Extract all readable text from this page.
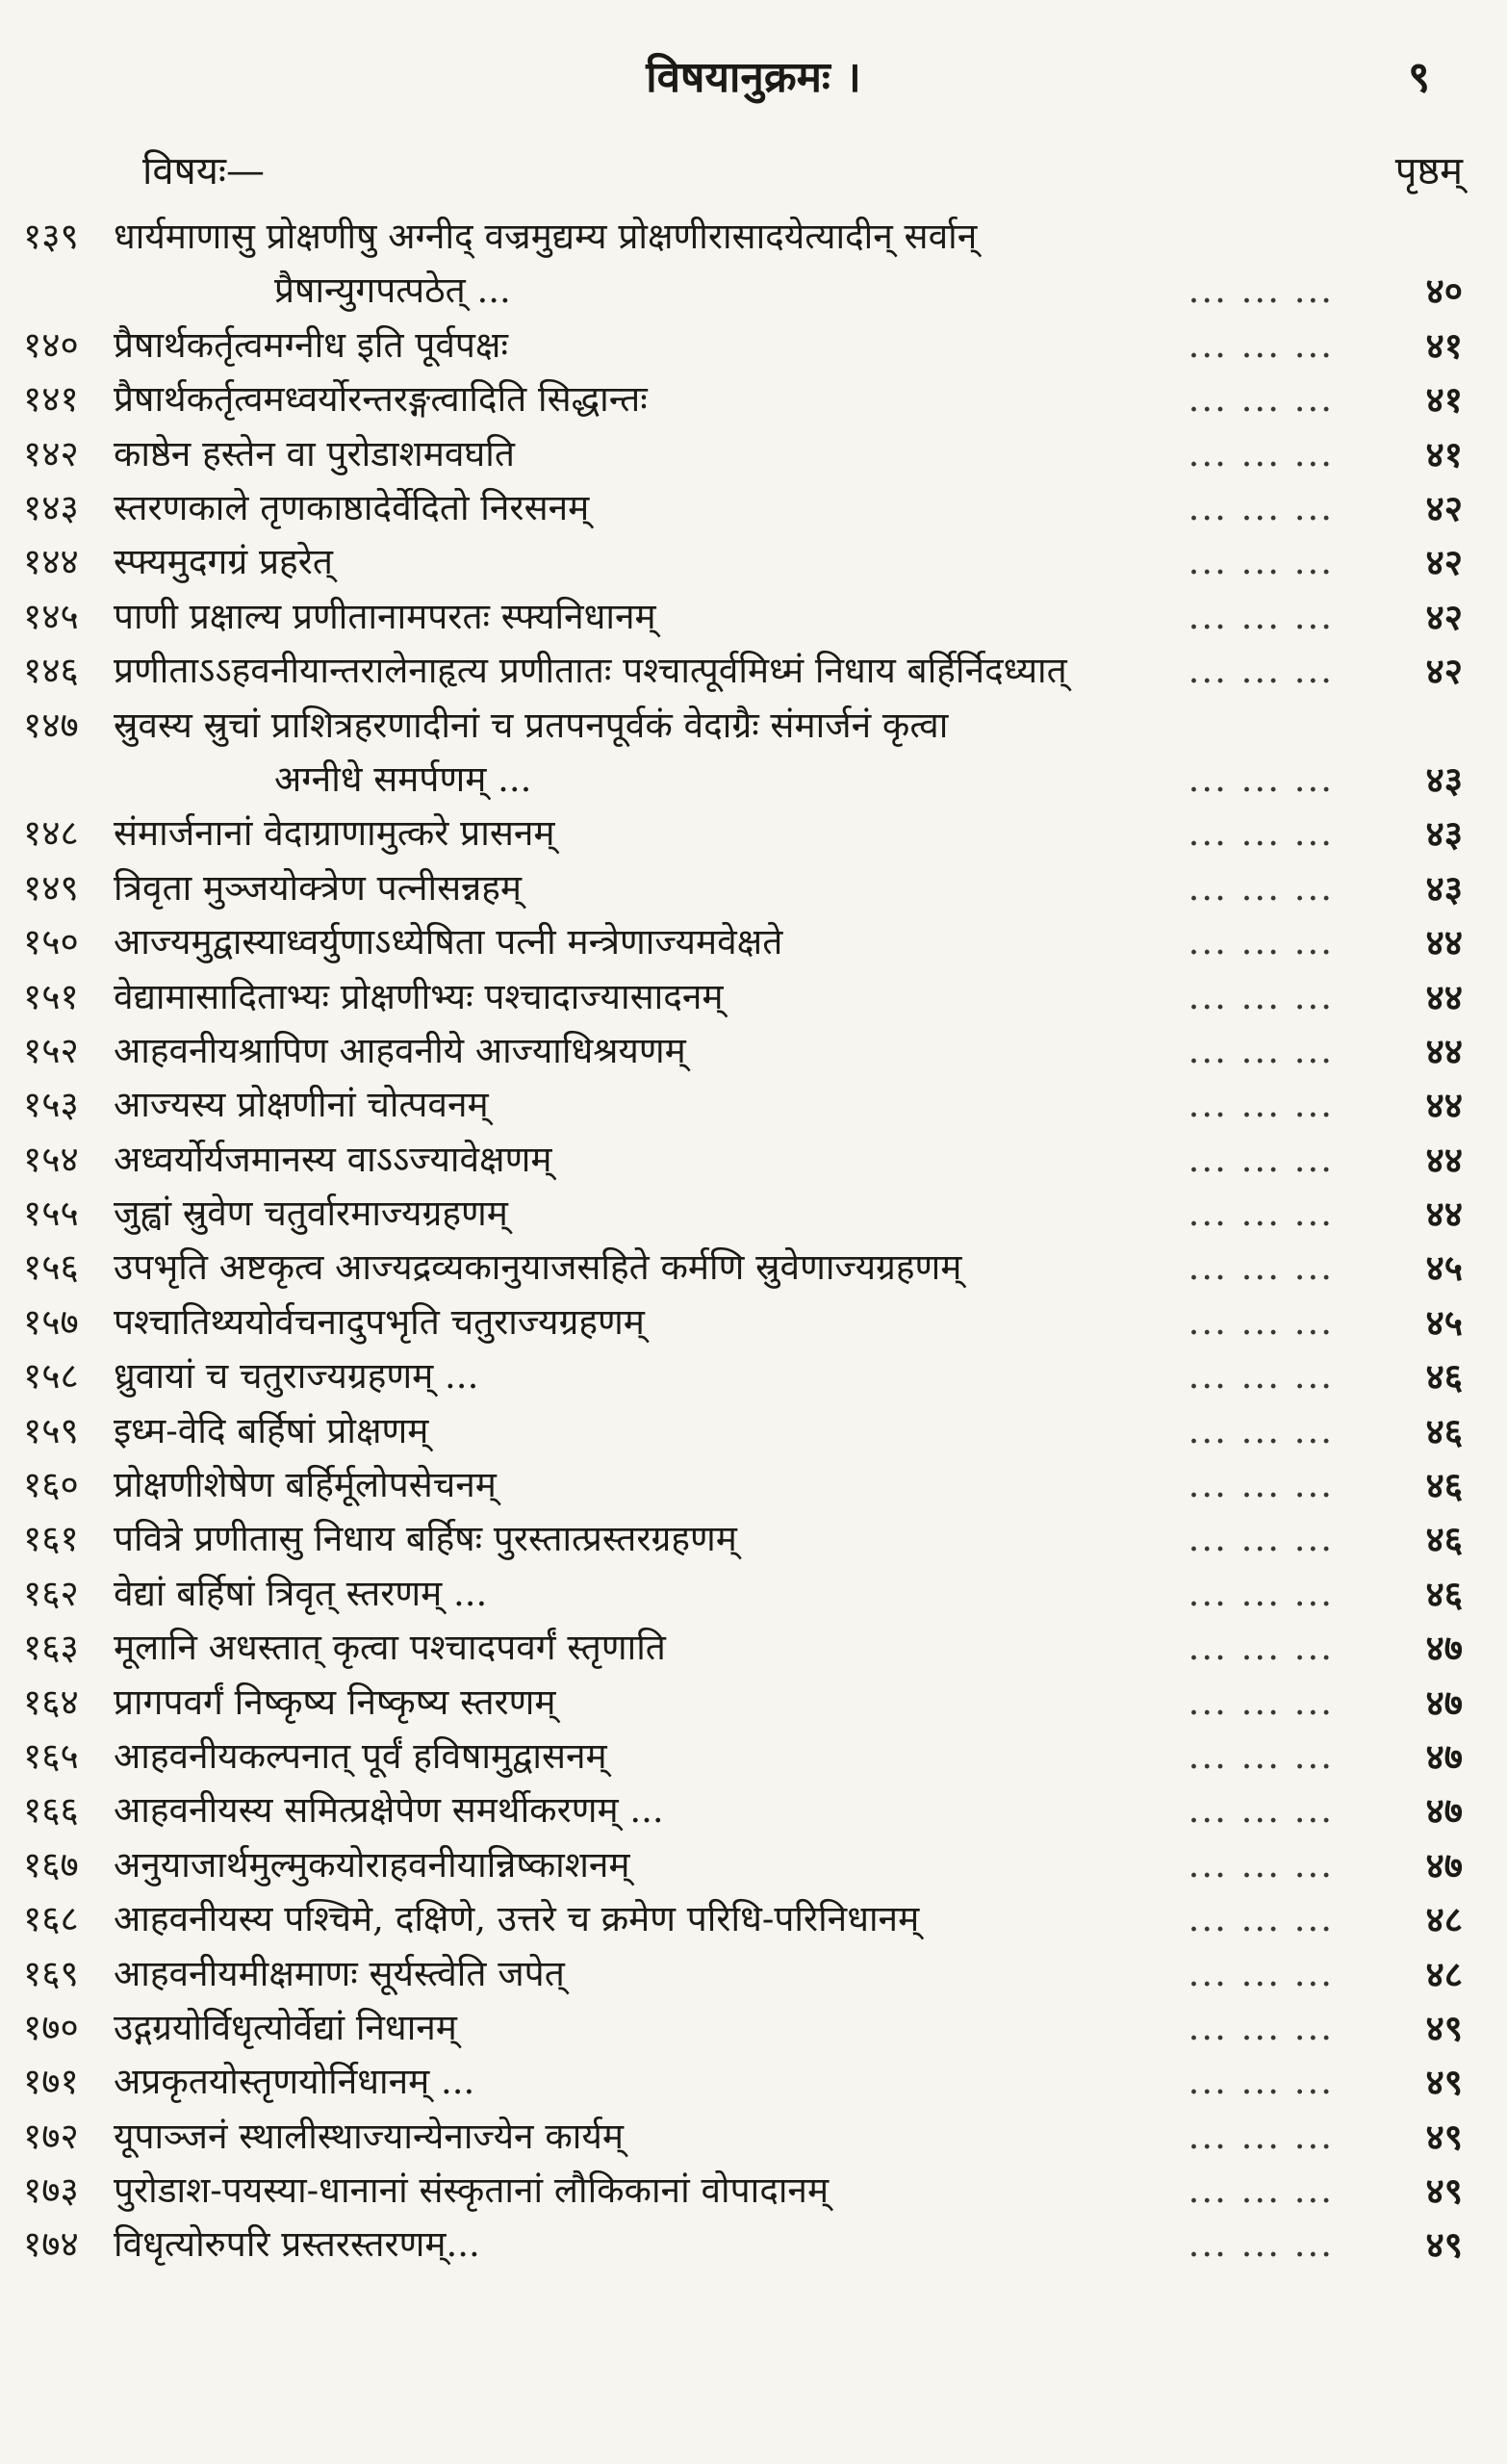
विषयानुक्रमः ।	९
विषयः—	पृष्ठम्
१३९ धार्यमाणासु प्रोक्षणीषु अग्नीद् वज्रमुद्यम्य प्रोक्षणीरासादयेत्यादीन् सर्वान्
प्रैषान्युगपत्पठेत् ...	... ... ...	४०
१४० प्रैषार्थकर्तृत्वमग्नीध इति पूर्वपक्षः	... ... ...	४१
१४१ प्रैषार्थकर्तृत्वमध्वर्योरन्तरङ्गत्वादिति सिद्धान्तः	... ... ...	४१
१४२ काष्ठेन हस्तेन वा पुरोडाशमवघति	... ... ...	४१
१४३ स्तरणकाले तृणकाष्ठादेर्वेदितो निरसनम्	... ... ...	४२
१४४ स्फ्यमुदगग्रं प्रहरेत्	... ... ...	४२
१४५ पाणी प्रक्षाल्य प्रणीतानामपरतः स्फ्यनिधानम्	... ... ...	४२
१४६ प्रणीताऽऽहवनीयान्तरालेनाहृत्य प्रणीतातः पश्चात्पूर्वमिध्मं निधाय बर्हिर्निदध्यात्	... ... ...	४२
१४७ स्रुवस्य स्रुचां प्राशित्रहरणादीनां च प्रतपनपूर्वकं वेदाग्रैः संमार्जनं कृत्वा
अग्नीधे समर्पणम् ...	... ... ...	४३
१४८ संमार्जनानां वेदाग्राणामुत्करे प्रासनम्	... ... ...	४३
१४९ त्रिवृता मुञ्जयोक्त्रेण पत्नीसन्नहम्	... ... ...	४३
१५० आज्यमुद्वास्याध्वर्युणाऽध्येषिता पत्नी मन्त्रेणाज्यमवेक्षते	... ... ...	४४
१५१ वेद्यामासादिताभ्यः प्रोक्षणीभ्यः पश्चादाज्यासादनम्	... ... ...	४४
१५२ आहवनीयश्रापिण आहवनीये आज्याधिश्रयणम्	... ... ...	४४
१५३ आज्यस्य प्रोक्षणीनां चोत्पवनम्	... ... ...	४४
१५४ अध्वर्योर्यजमानस्य वाऽऽज्यावेक्षणम्	... ... ...	४४
१५५ जुह्वां स्रुवेण चतुर्वारमाज्यग्रहणम्	... ... ...	४४
१५६ उपभृति अष्टकृत्व आज्यद्रव्यकानुयाजसहिते कर्मणि स्रुवेणाज्यग्रहणम्	... ... ...	४५
१५७ पश्चातिथ्ययोर्वचनादुपभृति चतुराज्यग्रहणम्	... ... ...	४५
१५८ ध्रुवायां च चतुराज्यग्रहणम् ...	... ... ...	४६
१५९ इध्म-वेदि बर्हिषां प्रोक्षणम्	... ... ...	४६
१६० प्रोक्षणीशेषेण बर्हिर्मूलोपसेचनम्	... ... ...	४६
१६१ पवित्रे प्रणीतासु निधाय बर्हिषः पुरस्तात्प्रस्तरग्रहणम्	... ... ...	४६
१६२ वेद्यां बर्हिषां त्रिवृत् स्तरणम् ...	... ... ...	४६
१६३ मूलानि अधस्तात् कृत्वा पश्चादपवर्गं स्तृणाति	... ... ...	४७
१६४ प्रागपवर्गं निष्कृष्य निष्कृष्य स्तरणम्	... ... ...	४७
१६५ आहवनीयकल्पनात् पूर्वं हविषामुद्वासनम्	... ... ...	४७
१६६ आहवनीयस्य समित्प्रक्षेपेण समर्थीकरणम् ...	... ... ...	४७
१६७ अनुयाजार्थमुल्मुकयोराहवनीयान्निष्काशनम्	... ... ...	४७
१६८ आहवनीयस्य पश्चिमे, दक्षिणे, उत्तरे च क्रमेण परिधि-परिनिधानम्	... ... ...	४८
१६९ आहवनीयमीक्षमाणः सूर्यस्त्वेति जपेत्	... ... ...	४८
१७० उद्गग्रयोर्विधृत्योर्वेद्यां निधानम्	... ... ...	४९
१७१ अप्रकृतयोस्तृणयोर्निधानम् ...	... ... ...	४९
१७२ यूपाञ्जनं स्थालीस्थाज्यान्येनाज्येन कार्यम्	... ... ...	४९
१७३ पुरोडाश-पयस्या-धानानां संस्कृतानां लौकिकानां वोपादानम्	... ... ...	४९
१७४ विधृत्योरुपरि प्रस्तरस्तरणम्...	... ... ...	४९
